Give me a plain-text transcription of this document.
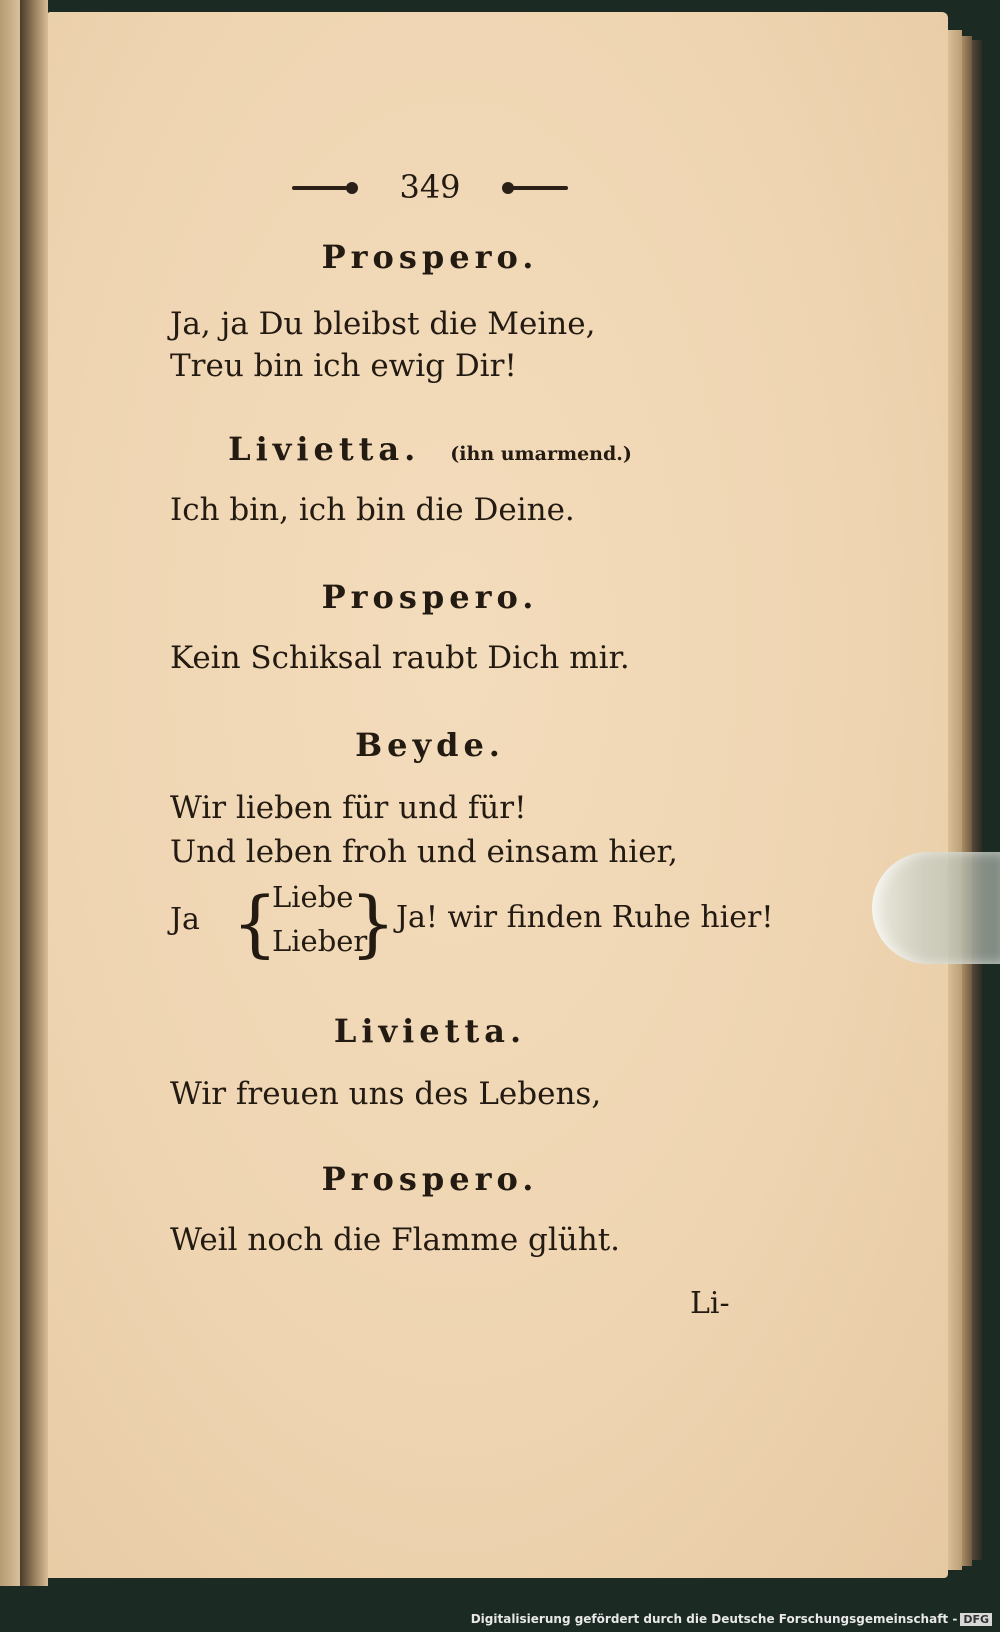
349
Prospero.
Ja, ja Du bleibst die Meine,
Treu bin ich ewig Dir!
Livietta. (ihn umarmend.)
Ich bin, ich bin die Deine.
Prospero.
Kein Schiksal raubt Dich mir.
Beyde.
Wir lieben für und für!
Und leben froh und einsam hier,
Ja {
Liebe
Lieber
} Ja! wir finden Ruhe hier!
Livietta.
Wir freuen uns des Lebens,
Prospero.
Weil noch die Flamme glüht.
Li-
Digitalisierung gefördert durch die Deutsche Forschungsgemeinschaft - DFG
